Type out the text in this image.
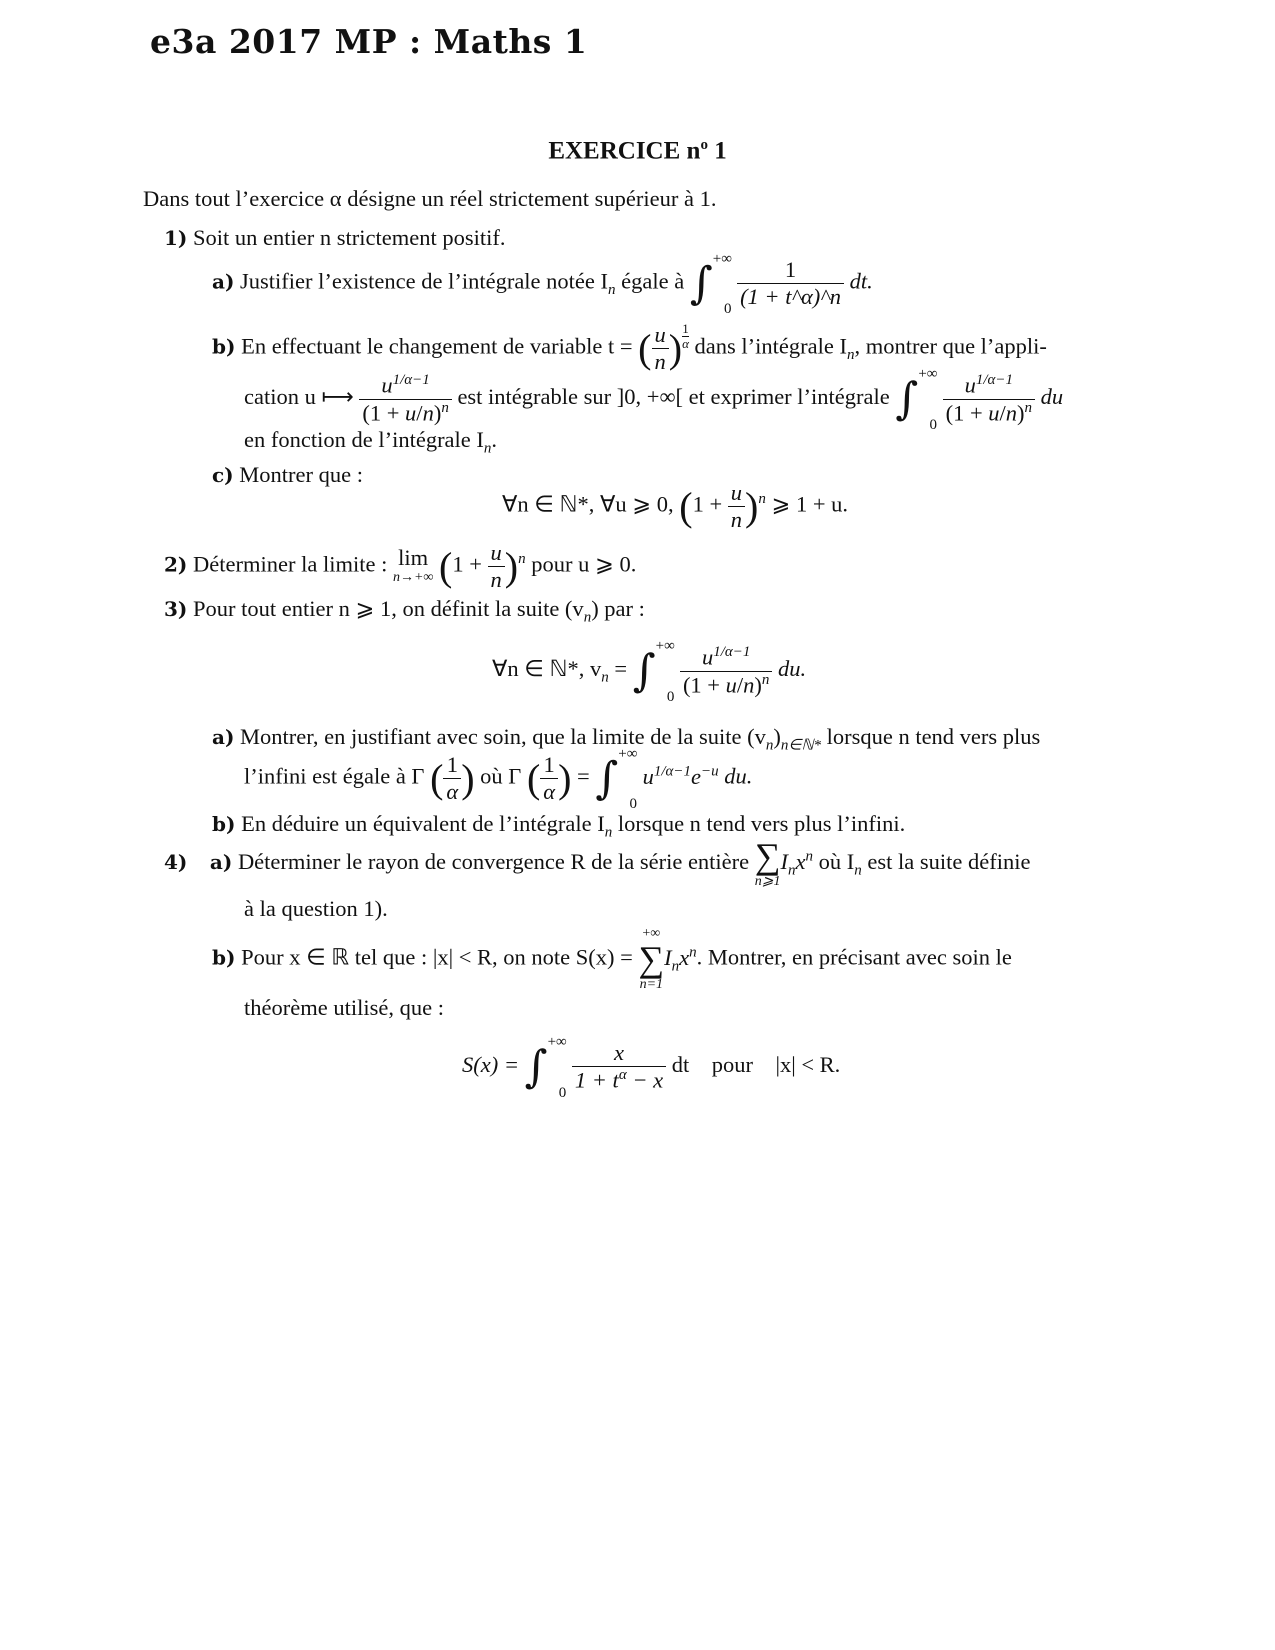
e3a 2017 MP : Maths 1
EXERCICE $n^o$ 1
Dans tout l’exercice α désigne un réel strictement supérieur à 1.
1) Soit un entier n strictement positif.
a) Justifier l’existence de l’intégrale notée $I_n$ égale à $\int+\infty 0 \frac{1}{(1 + t\^{}\alpha)\^{}n}$ dt.
b) En effectuant le changement de variable t = ( $\frac{u}{n}$ ) $\frac{1}{\alpha}$ dans l’intégrale $I_n$, montrer que l’appli-
cation u ⟼ $\frac{u^{1/\alpha-1}}{(1 + u/n)^n}$ est intégrable sur ]0, +∞[ et exprimer l’intégrale $\int+\infty 0 \frac{u^{1/\alpha-1}}{(1 + u/n)^n}$ du
en fonction de l’intégrale $I_n$.
c) Montrer que :
∀n ∈ ℕ*, ∀u ⩾ 0, $(1 + \frac{u}{n} )^n$ ⩾ 1 + u.
2) Déterminer la limite : lim
n→+∞ $(1 + \frac{u}{n} )^n$ pour u ⩾ 0.
3) Pour tout entier n ⩾ 1, on définit la suite $(v_n)$ par :
∀n ∈ ℕ*, $v_n = \int+\infty 0 \frac{u^{1/\alpha-1}}{(1 + u/n)^n}$ du.
a) Montrer, en justifiant avec soin, que la limite de la suite $(v_n)_{n\in ℕ*}$ lorsque n tend vers plus
l’infini est égale à Γ ( $\frac{1}{\alpha}$ ) où Γ ( $\frac{1}{\alpha}$ ) = ∫+∞0 $u^{1/\alpha-1}e^{-u}$ du.
b) En déduire un équivalent de l’intégrale $I_n$ lorsque n tend vers plus l’infini.
4) a) Déterminer le rayon de convergence R de la série entière ∑
n⩾1
$I_nx^n$ où $I_n$ est la suite définie
à la question 1).
b) Pour x ∈ ℝ tel que : |x| < R, on note S(x) =
+∞
∑
n=1
$I_nx^n$. Montrer, en précisant avec soin le
théorème utilisé, que :
$S(x) = \int+\infty 0 \frac{x}{1 + t^\alpha - x}$ dt    pour    |x| < R.
